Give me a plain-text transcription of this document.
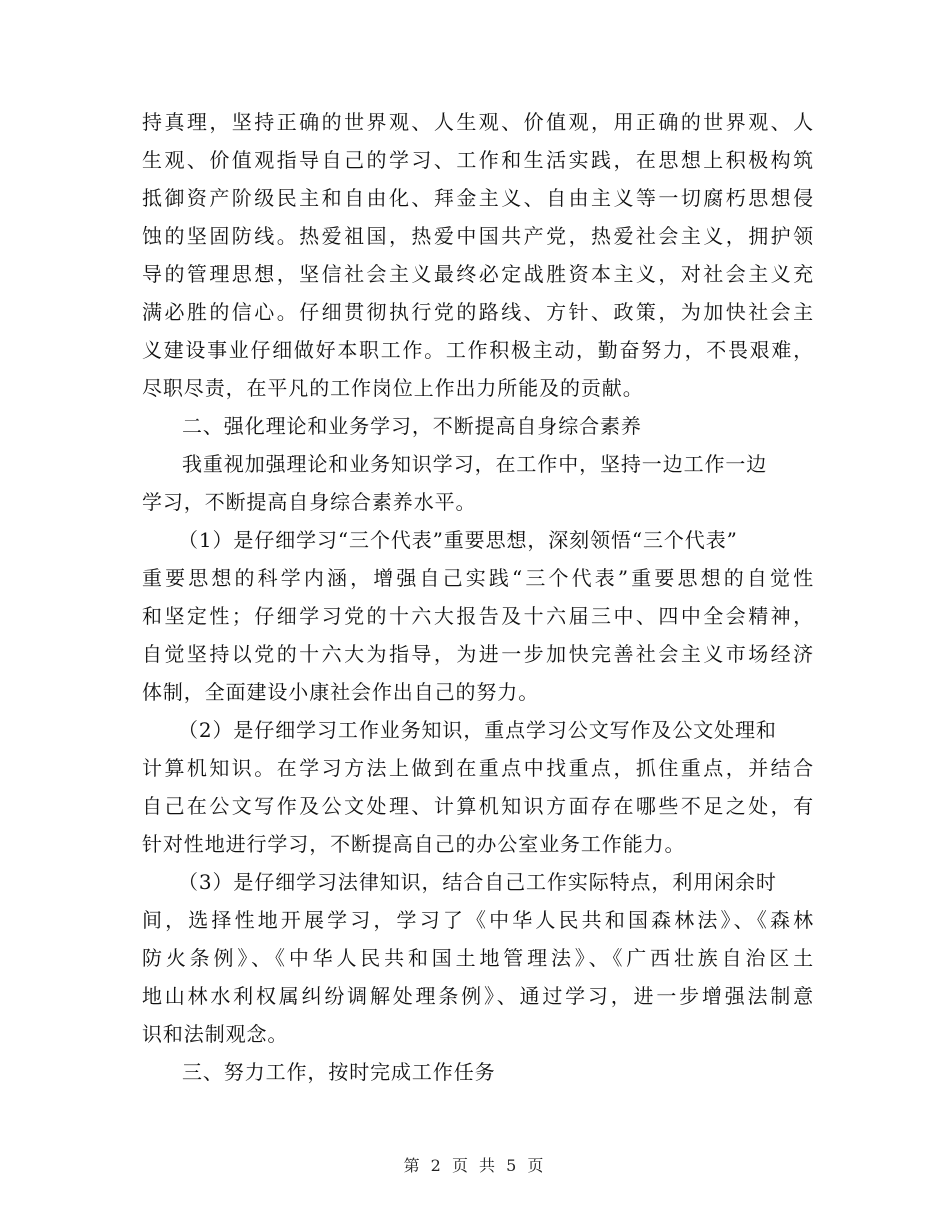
持真理，坚持正确的世界观、人生观、价值观，用正确的世界观、人
生观、价值观指导自己的学习、工作和生活实践，在思想上积极构筑
抵御资产阶级民主和自由化、拜金主义、自由主义等一切腐朽思想侵
蚀的坚固防线。热爱祖国，热爱中国共产党，热爱社会主义，拥护领
导的管理思想，坚信社会主义最终必定战胜资本主义，对社会主义充
满必胜的信心。仔细贯彻执行党的路线、方针、政策，为加快社会主
义建设事业仔细做好本职工作。工作积极主动，勤奋努力，不畏艰难，
尽职尽责，在平凡的工作岗位上作出力所能及的贡献。
二、强化理论和业务学习，不断提高自身综合素养
我重视加强理论和业务知识学习，在工作中，坚持一边工作一边
学习，不断提高自身综合素养水平。
（1）是仔细学习“三个代表”重要思想，深刻领悟“三个代表”
重要思想的科学内涵，增强自己实践“三个代表”重要思想的自觉性
和坚定性；仔细学习党的十六大报告及十六届三中、四中全会精神，
自觉坚持以党的十六大为指导，为进一步加快完善社会主义市场经济
体制，全面建设小康社会作出自己的努力。
（2）是仔细学习工作业务知识，重点学习公文写作及公文处理和
计算机知识。在学习方法上做到在重点中找重点，抓住重点，并结合
自己在公文写作及公文处理、计算机知识方面存在哪些不足之处，有
针对性地进行学习，不断提高自己的办公室业务工作能力。
（3）是仔细学习法律知识，结合自己工作实际特点，利用闲余时
间，选择性地开展学习，学习了《中华人民共和国森林法》、《森林
防火条例》、《中华人民共和国土地管理法》、《广西壮族自治区土
地山林水利权属纠纷调解处理条例》、通过学习，进一步增强法制意
识和法制观念。
三、努力工作，按时完成工作任务
第 2 页 共 5 页
